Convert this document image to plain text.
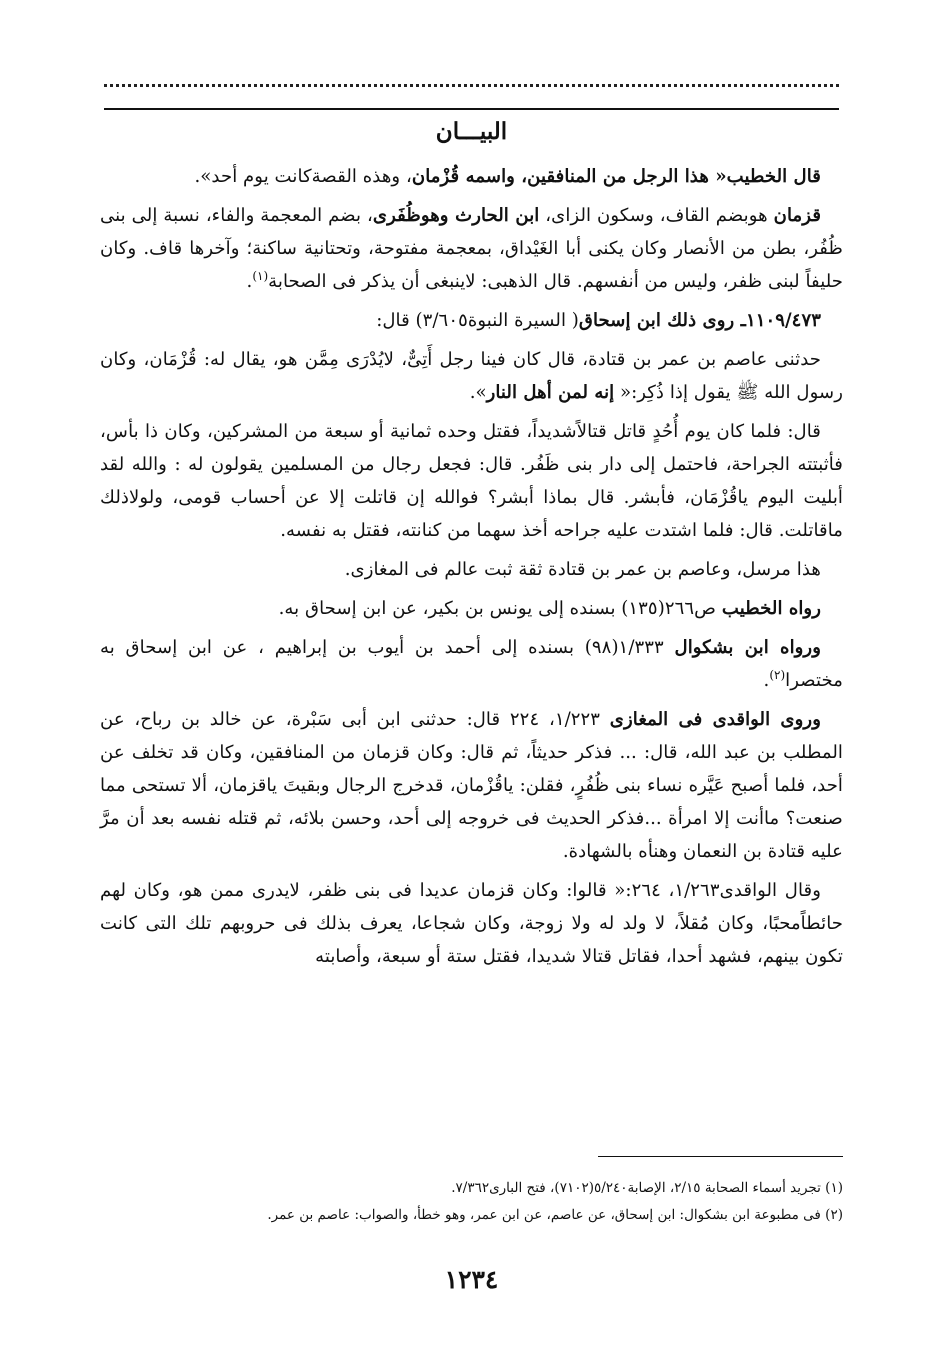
البيـــان

قال الخطيب« هذا الرجل من المنافقين، واسمه قُزْمان، وهذه القصةكانت يوم أحد».

قزمان هوبضم القاف، وسكون الزاى، ابن الحارث وهوظُفَرى، بضم المعجمة والفاء، نسبة إلى بنى ظُفُر، بطن من الأنصار وكان يكنى أبا الغَيْداق، بمعجمة مفتوحة، وتحتانية ساكنة؛ وآخرها قاف. وكان حليفاً لبنى ظفر، وليس من أنفسهم. قال الذهبى: لاينبغى أن يذكر فى الصحابة$^{(١)}$.

١١٠٩/٤٧٣ـ روى ذلك ابن إسحاق( السيرة النبوة٣/٦٠٥) قال:

حدثنى عاصم بن عمر بن قتادة، قال كان فينا رجل أَتِىٌّ، لايُدْرَى مِمَّن هو، يقال له: قُزْمَان، وكان رسول الله ﷺ يقول إذا ذُكِر:« إنه لمن أهل النار».

قال: فلما كان يوم أُحُدٍ قاتل قتالاًشديداً، فقتل وحده ثمانية أو سبعة من المشركين، وكان ذا بأس، فأثبتته الجراحة، فاحتمل إلى دار بنى ظَفُر. قال: فجعل رجال من المسلمين يقولون له : والله لقد أبليت اليوم ياقُزْمَان، فأبشر. قال بماذا أبشر؟ فوالله إن قاتلت إلا عن أحساب قومى، ولولاذلك ماقاتلت. قال: فلما اشتدت عليه جراحه أخذ سهما من كنانته، فقتل به نفسه.

هذا مرسل، وعاصم بن عمر بن قتادة ثقة ثبت عالم فى المغازى.

رواه الخطيب ص٢٦٦(١٣٥) بسنده إلى يونس بن بكير، عن ابن إسحاق به.

ورواه ابن بشكوال ١/٣٣٣(٩٨) بسنده إلى أحمد بن أيوب بن إبراهيم ، عن ابن إسحاق به مختصرا$^{(٢)}$.

وروى الواقدى فى المغازى ١/٢٢٣، ٢٢٤ قال: حدثنى ابن أبى سَبْرة، عن خالد بن رباح، عن المطلب بن عبد الله، قال: ... فذكر حديثاً، ثم قال: وكان قزمان من المنافقين، وكان قد تخلف عن أحد، فلما أصبح عَيَّره نساء بنى ظُفُرٍ، فقلن: ياقُزْمان، قدخرج الرجال وبقيتَ ياقزمان، ألا تستحى مما صنعت؟ ماأنت إلا امرأة ...فذكر الحديث فى خروجه إلى أحد، وحسن بلائه، ثم قتله نفسه بعد أن مرَّ عليه قتادة بن النعمان وهنأه بالشهادة.

وقال الواقدى١/٢٦٣، ٢٦٤:« قالوا: وكان قزمان عديدا فى بنى ظفر، لايدرى ممن هو، وكان لهم حائطاًمحبًا، وكان مُقلاً، لا ولد له ولا زوجة، وكان شجاعا، يعرف بذلك فى حروبهم تلك التى كانت تكون بينهم، فشهد أحدا، فقاتل قتالا شديدا، فقتل ستة أو سبعة، وأصابته

(١) تجريد أسماء الصحابة ٢/١٥، الإصابة٥/٢٤٠(٧١٠٢)، فتح البارى٧/٣٦٢.
(٢) فى مطبوعة ابن بشكوال: ابن إسحاق، عن عاصم، عن ابن عمر، وهو خطأ، والصواب: عاصم بن عمر.
١٢٣٤
